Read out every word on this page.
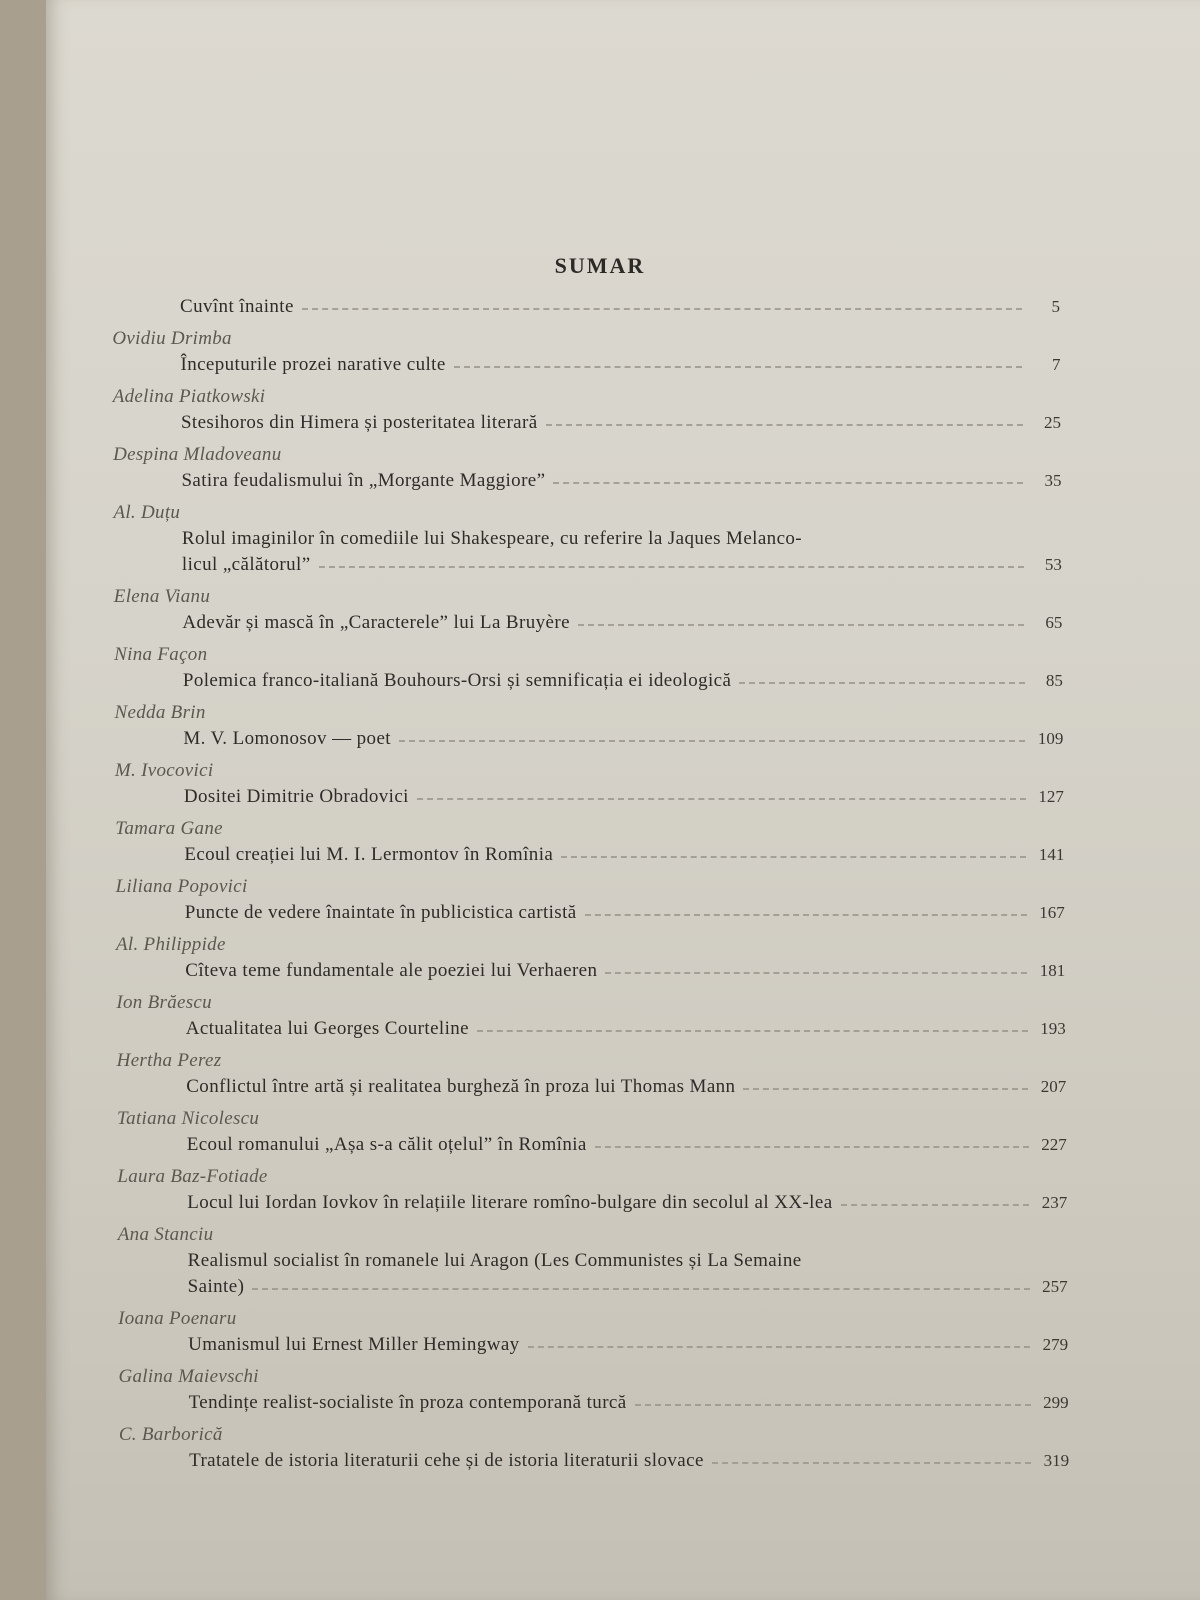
SUMAR
Cuvînt înainte	5
Ovidiu Drimba
Începuturile prozei narative culte	7
Adelina Piatkowski
Stesihoros din Himera și posteritatea literară	25
Despina Mladoveanu
Satira feudalismului în „Morgante Maggiore”	35
Al. Duțu
Rolul imaginilor în comediile lui Shakespeare, cu referire la Jaques Melanco-
licul „călătorul”	53
Elena Vianu
Adevăr și mască în „Caracterele” lui La Bruyère	65
Nina Façon
Polemica franco-italiană Bouhours-Orsi și semnificația ei ideologică	85
Nedda Brin
M. V. Lomonosov — poet	109
M. Ivocovici
Dositei Dimitrie Obradovici	127
Tamara Gane
Ecoul creației lui M. I. Lermontov în Romînia	141
Liliana Popovici
Puncte de vedere înaintate în publicistica cartistă	167
Al. Philippide
Cîteva teme fundamentale ale poeziei lui Verhaeren	181
Ion Brăescu
Actualitatea lui Georges Courteline	193
Hertha Perez
Conflictul între artă și realitatea burgheză în proza lui Thomas Mann	207
Tatiana Nicolescu
Ecoul romanului „Așa s-a călit oțelul” în Romînia	227
Laura Baz-Fotiade
Locul lui Iordan Iovkov în relațiile literare romîno-bulgare din secolul al XX-lea	237
Ana Stanciu
Realismul socialist în romanele lui Aragon (Les Communistes și La Semaine
Sainte)	257
Ioana Poenaru
Umanismul lui Ernest Miller Hemingway	279
Galina Maievschi
Tendințe realist-socialiste în proza contemporană turcă	299
C. Barborică
Tratatele de istoria literaturii cehe și de istoria literaturii slovace	319
